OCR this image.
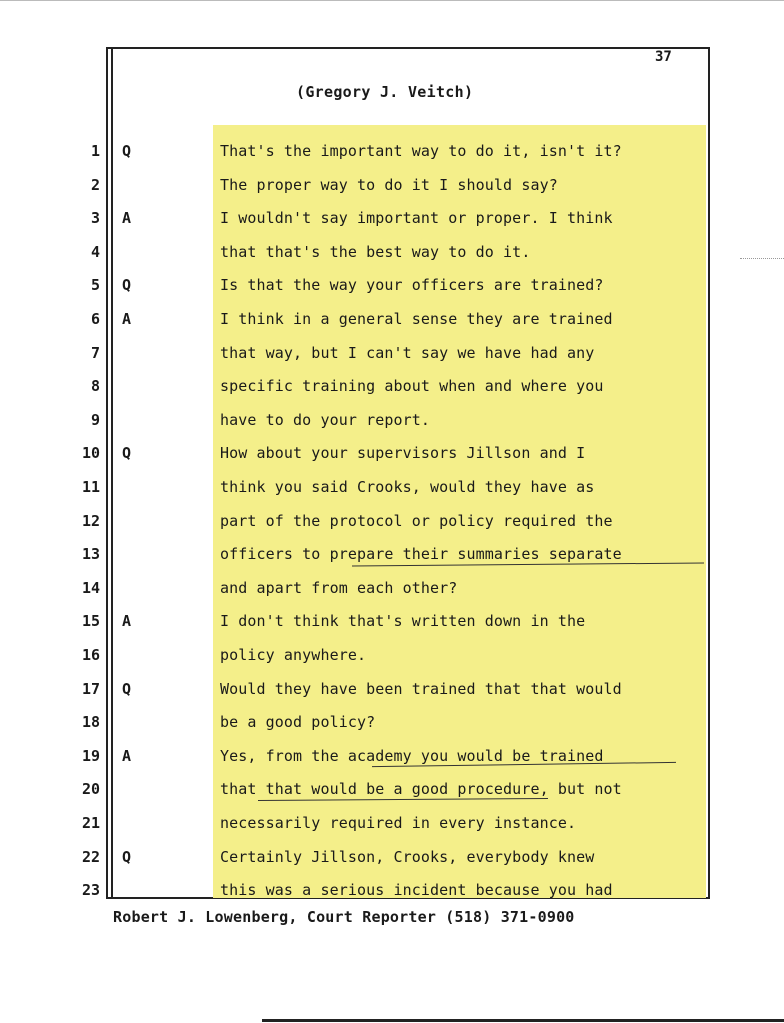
37
(Gregory J. Veitch)
1 Q	That's the important way to do it, isn't it?
2	The proper way to do it I should say?
3 A	I wouldn't say important or proper. I think
4	that that's the best way to do it.
5 Q	Is that the way your officers are trained?
6 A	I think in a general sense they are trained
7	that way, but I can't say we have had any
8	specific training about when and where you
9	have to do your report.
10 Q	How about your supervisors Jillson and I
11	think you said Crooks, would they have as
12	part of the protocol or policy required the
13	officers to prepare their summaries separate
14	and apart from each other?
15 A	I don't think that's written down in the
16	policy anywhere.
17 Q	Would they have been trained that that would
18	be a good policy?
19 A	Yes, from the academy you would be trained
20	that that would be a good procedure, but not
21	necessarily required in every instance.
22 Q	Certainly Jillson, Crooks, everybody knew
23	this was a serious incident because you had
Robert J. Lowenberg, Court Reporter (518) 371-0900
